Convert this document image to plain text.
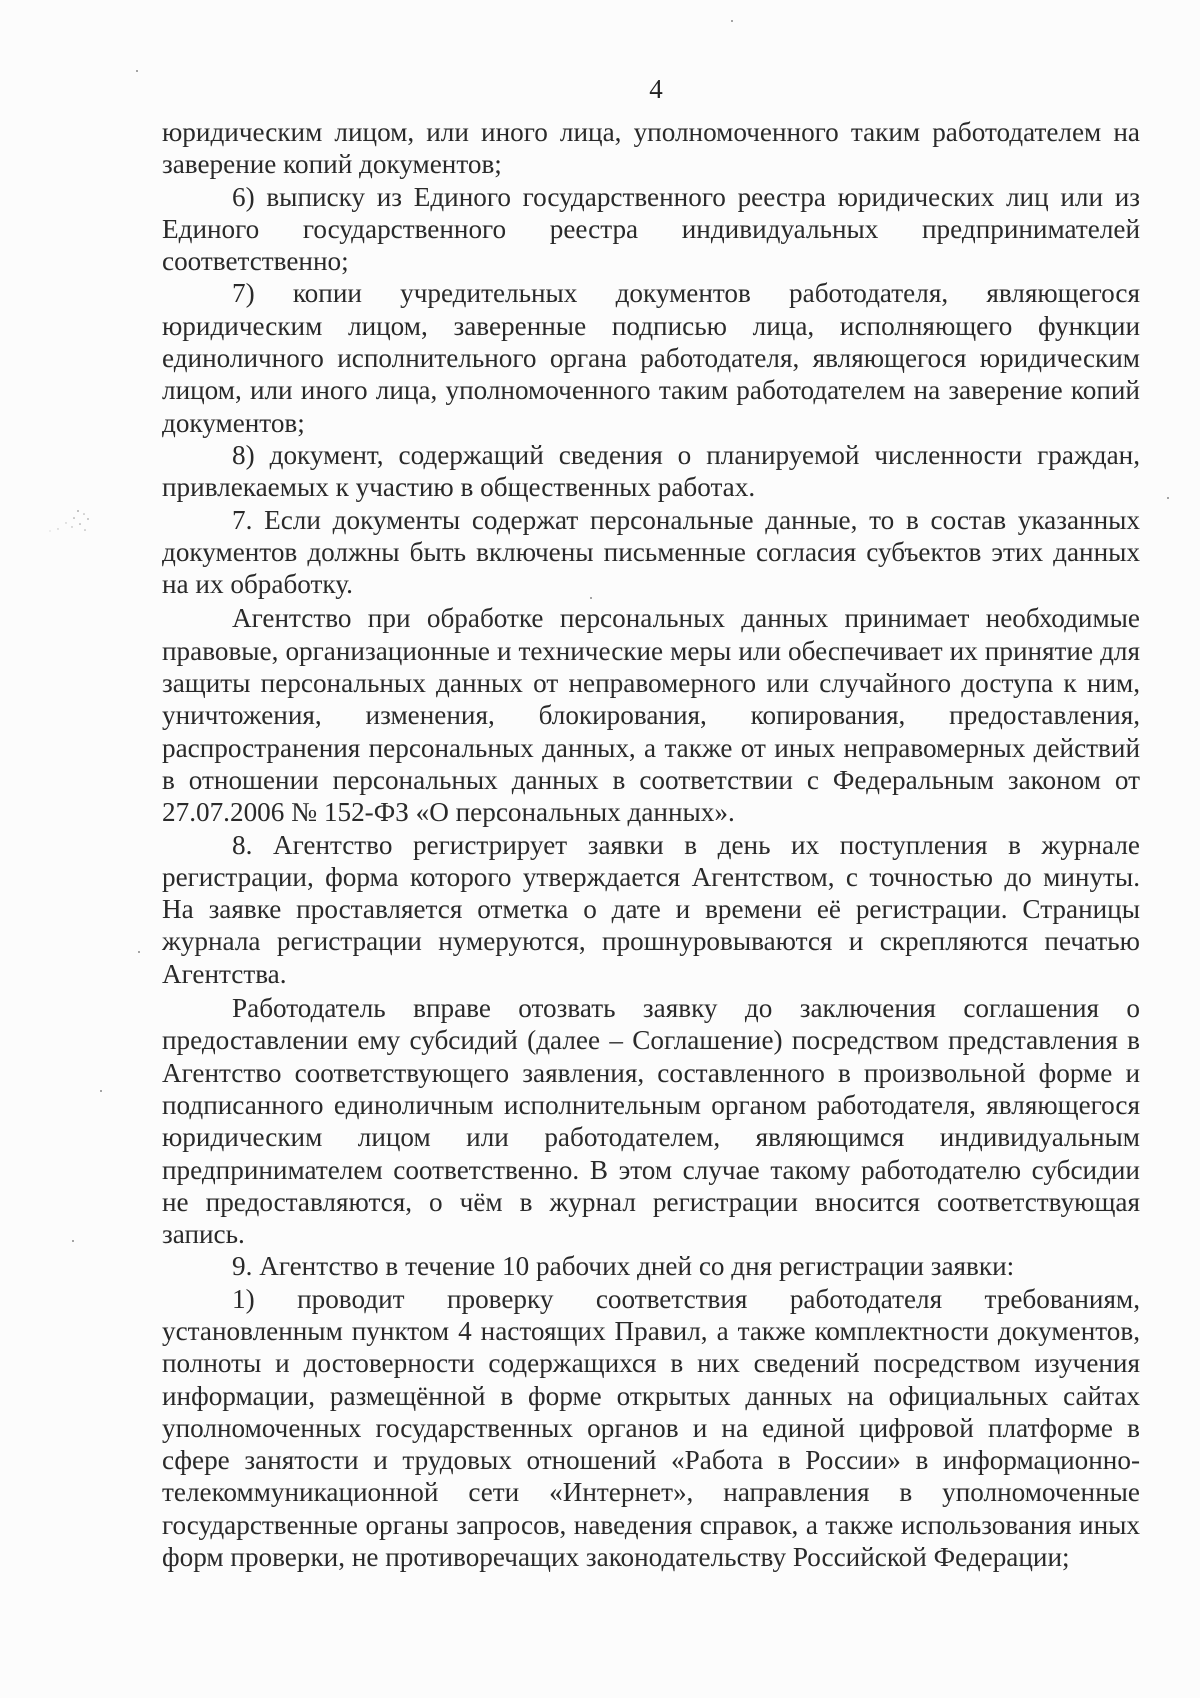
4

юридическим лицом, или иного лица, уполномоченного таким работодателем на заверение копий документов;

6) выписку из Единого государственного реестра юридических лиц или из Единого государственного реестра индивидуальных предпринимателей соответственно;

7) копии учредительных документов работодателя, являющегося юридическим лицом, заверенные подписью лица, исполняющего функции единоличного исполнительного органа работодателя, являющегося юридическим лицом, или иного лица, уполномоченного таким работодателем на заверение копий документов;

8) документ, содержащий сведения о планируемой численности граждан, привлекаемых к участию в общественных работах.

7. Если документы содержат персональные данные, то в состав указанных документов должны быть включены письменные согласия субъектов этих данных на их обработку.

Агентство при обработке персональных данных принимает необходимые правовые, организационные и технические меры или обеспечивает их принятие для защиты персональных данных от неправомерного или случайного доступа к ним, уничтожения, изменения, блокирования, копирования, предоставления, распространения персональных данных, а также от иных неправомерных действий в отношении персональных данных в соответствии с Федеральным законом от 27.07.2006 № 152-ФЗ «О персональных данных».

8. Агентство регистрирует заявки в день их поступления в журнале регистрации, форма которого утверждается Агентством, с точностью до минуты. На заявке проставляется отметка о дате и времени её регистрации. Страницы журнала регистрации нумеруются, прошнуровываются и скрепляются печатью Агентства.

Работодатель вправе отозвать заявку до заключения соглашения о предоставлении ему субсидий (далее – Соглашение) посредством представления в Агентство соответствующего заявления, составленного в произвольной форме и подписанного единоличным исполнительным органом работодателя, являющегося юридическим лицом или работодателем, являющимся индивидуальным предпринимателем соответственно. В этом случае такому работодателю субсидии не предоставляются, о чём в журнал регистрации вносится соответствующая запись.

9. Агентство в течение 10 рабочих дней со дня регистрации заявки:

1) проводит проверку соответствия работодателя требованиям, установленным пунктом 4 настоящих Правил, а также комплектности документов, полноты и достоверности содержащихся в них сведений посредством изучения информации, размещённой в форме открытых данных на официальных сайтах уполномоченных государственных органов и на единой цифровой платформе в сфере занятости и трудовых отношений «Работа в России» в информационно-телекоммуникационной сети «Интернет», направления в уполномоченные государственные органы запросов, наведения справок, а также использования иных форм проверки, не противоречащих законодательству Российской Федерации;
